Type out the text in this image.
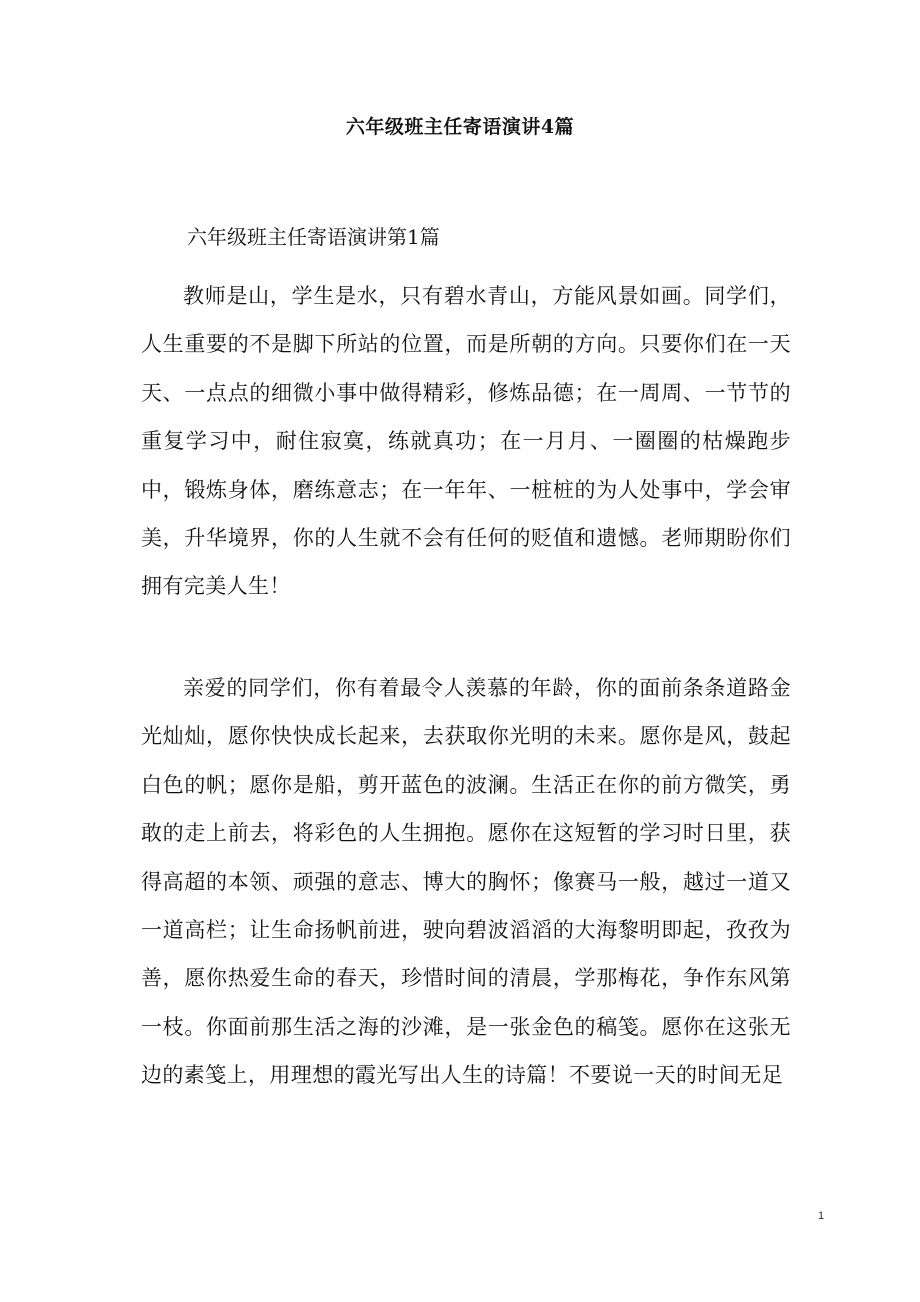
六年级班主任寄语演讲4篇
六年级班主任寄语演讲第1篇

教师是山，学生是水，只有碧水青山，方能风景如画。同学们，人生重要的不是脚下所站的位置，而是所朝的方向。只要你们在一天天、一点点的细微小事中做得精彩，修炼品德；在一周周、一节节的重复学习中，耐住寂寞，练就真功；在一月月、一圈圈的枯燥跑步中，锻炼身体，磨练意志；在一年年、一桩桩的为人处事中，学会审美，升华境界，你的人生就不会有任何的贬值和遗憾。老师期盼你们拥有完美人生！

亲爱的同学们，你有着最令人羡慕的年龄，你的面前条条道路金光灿灿，愿你快快成长起来，去获取你光明的未来。愿你是风，鼓起白色的帆；愿你是船，剪开蓝色的波澜。生活正在你的前方微笑，勇敢的走上前去，将彩色的人生拥抱。愿你在这短暂的学习时日里，获得高超的本领、顽强的意志、博大的胸怀；像赛马一般，越过一道又一道高栏；让生命扬帆前进，驶向碧波滔滔的大海黎明即起，孜孜为善，愿你热爱生命的春天，珍惜时间的清晨，学那梅花，争作东风第一枝。你面前那生活之海的沙滩，是一张金色的稿笺。愿你在这张无边的素笺上，用理想的霞光写出人生的诗篇！不要说一天的时间无足

1
